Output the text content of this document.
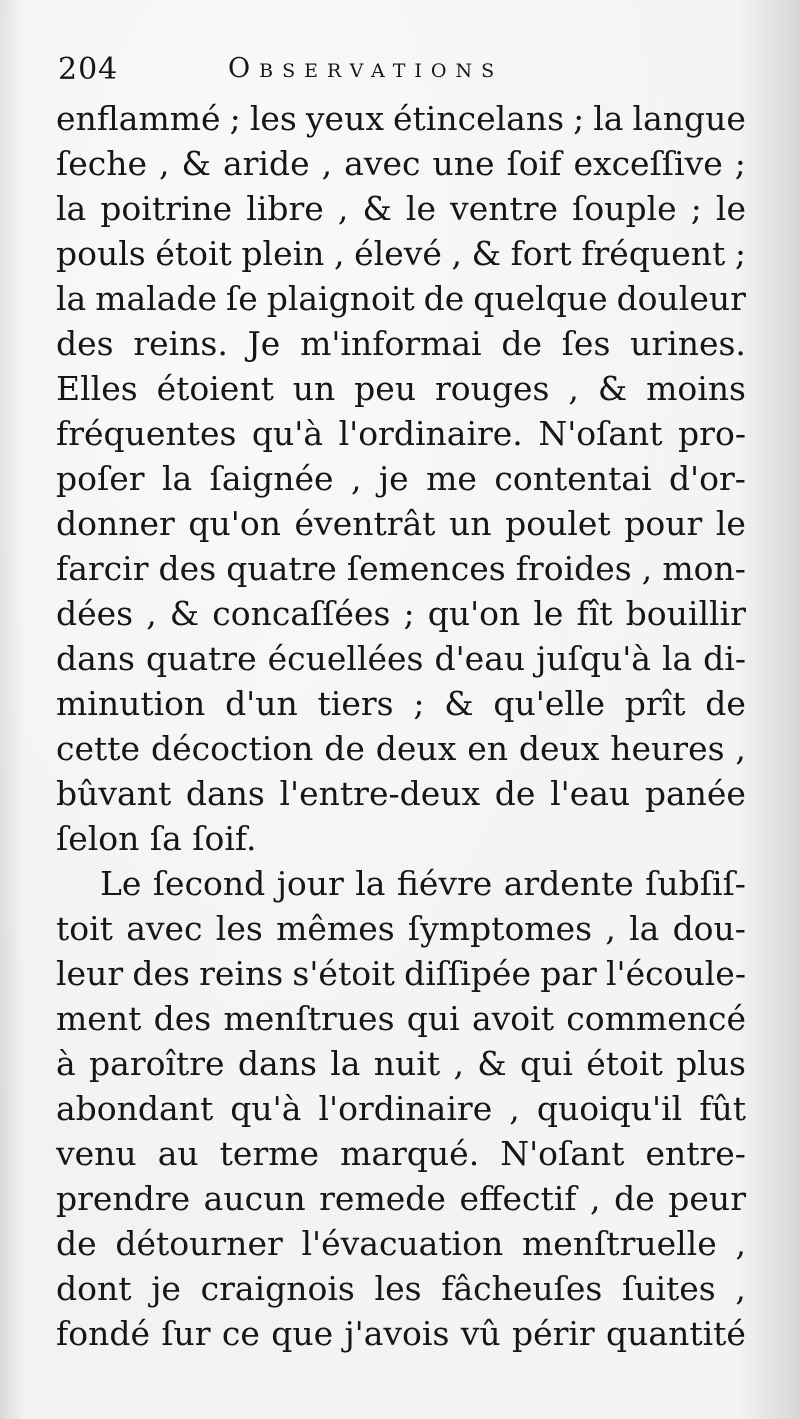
204	Observations
enflammé ; les yeux étincelans ; la langue
ſeche , & aride , avec une ſoif exceſſive ;
la poitrine libre , & le ventre ſouple ; le
pouls étoit plein , élevé , & fort fréquent ;
la malade ſe plaignoit de quelque douleur
des reins. Je m'informai de ſes urines.
Elles étoient un peu rouges , & moins
fréquentes qu'à l'ordinaire. N'oſant pro-
poſer la ſaignée , je me contentai d'or-
donner qu'on éventrât un poulet pour le
farcir des quatre ſemences froides , mon-
dées , & concaſſées ; qu'on le fît bouillir
dans quatre écuellées d'eau juſqu'à la di-
minution d'un tiers ; & qu'elle prît de
cette décoction de deux en deux heures ,
bûvant dans l'entre-deux de l'eau panée
ſelon ſa ſoif.
Le ſecond jour la fiévre ardente ſubſiſ-
toit avec les mêmes ſymptomes , la dou-
leur des reins s'étoit diſſipée par l'écoule-
ment des menſtrues qui avoit commencé
à paroître dans la nuit , & qui étoit plus
abondant qu'à l'ordinaire , quoiqu'il fût
venu au terme marqué. N'oſant entre-
prendre aucun remede effectif , de peur
de détourner l'évacuation menſtruelle ,
dont je craignois les fâcheuſes ſuites ,
fondé ſur ce que j'avois vû périr quantité
